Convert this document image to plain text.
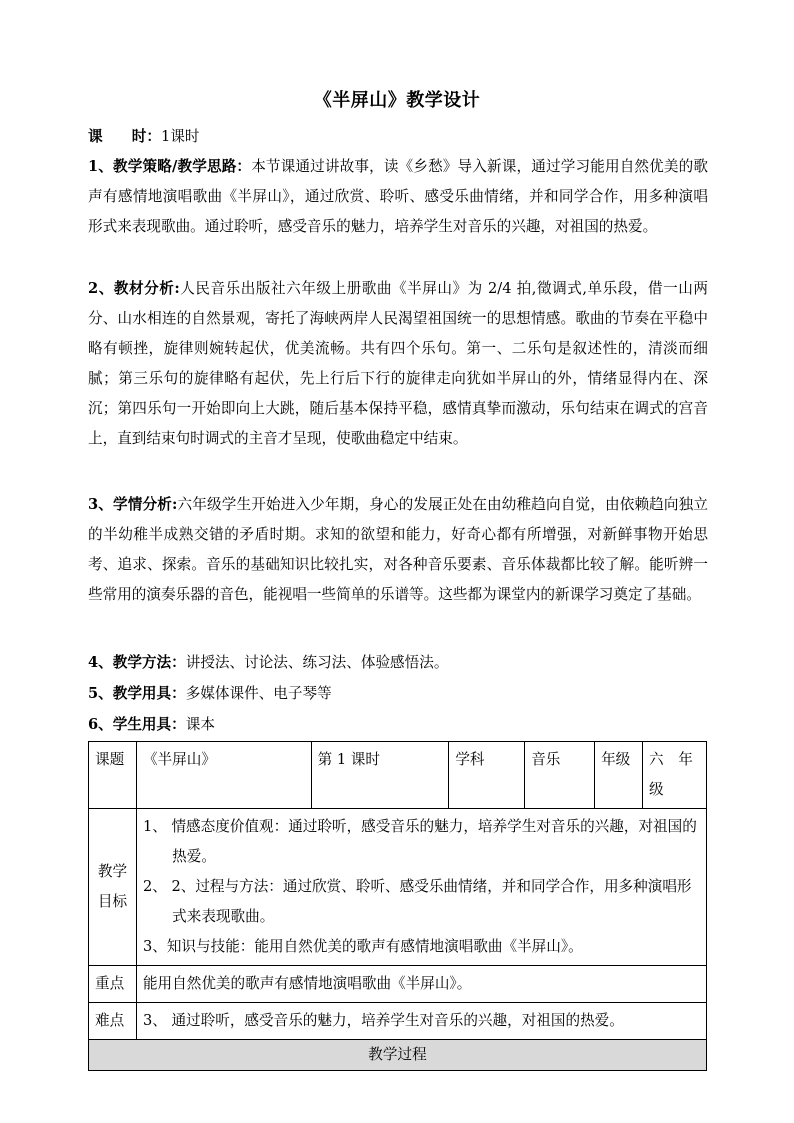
《半屏山》教学设计
课　　时：1课时
1、教学策略/教学思路：本节课通过讲故事，读《乡愁》导入新课，通过学习能用自然优美的歌声有感情地演唱歌曲《半屏山》，通过欣赏、聆听、感受乐曲情绪，并和同学合作，用多种演唱形式来表现歌曲。通过聆听，感受音乐的魅力，培养学生对音乐的兴趣，对祖国的热爱。
2、教材分析:人民音乐出版社六年级上册歌曲《半屏山》为 2/4 拍,徵调式,单乐段，借一山两分、山水相连的自然景观，寄托了海峡两岸人民渴望祖国统一的思想情感。歌曲的节奏在平稳中略有顿挫，旋律则婉转起伏，优美流畅。共有四个乐句。第一、二乐句是叙述性的，清淡而细腻；第三乐句的旋律略有起伏，先上行后下行的旋律走向犹如半屏山的外，情绪显得内在、深沉；第四乐句一开始即向上大跳，随后基本保持平稳，感情真挚而激动，乐句结束在调式的宫音上，直到结束句时调式的主音才呈现，使歌曲稳定中结束。
3、学情分析:六年级学生开始进入少年期，身心的发展正处在由幼稚趋向自觉，由依赖趋向独立的半幼稚半成熟交错的矛盾时期。求知的欲望和能力，好奇心都有所增强，对新鲜事物开始思考、追求、探索。音乐的基础知识比较扎实，对各种音乐要素、音乐体裁都比较了解。能听辨一些常用的演奏乐器的音色，能视唱一些简单的乐谱等。这些都为课堂内的新课学习奠定了基础。
4、教学方法：讲授法、讨论法、练习法、体验感悟法。
5、教学用具：多媒体课件、电子琴等
6、学生用具：课本
课题	《半屏山》	第 1 课时	学科	音乐	年级	六　年级
教学目标	1、 情感态度价值观：通过聆听，感受音乐的魅力，培养学生对音乐的兴趣，对祖国的热爱。
2、 2、过程与方法：通过欣赏、聆听、感受乐曲情绪，并和同学合作，用多种演唱形式来表现歌曲。
3、知识与技能：能用自然优美的歌声有感情地演唱歌曲《半屏山》。					

重点	能用自然优美的歌声有感情地演唱歌曲《半屏山》。					
难点	3、 通过聆听，感受音乐的魅力，培养学生对音乐的兴趣，对祖国的热爱。					
教学过程						
